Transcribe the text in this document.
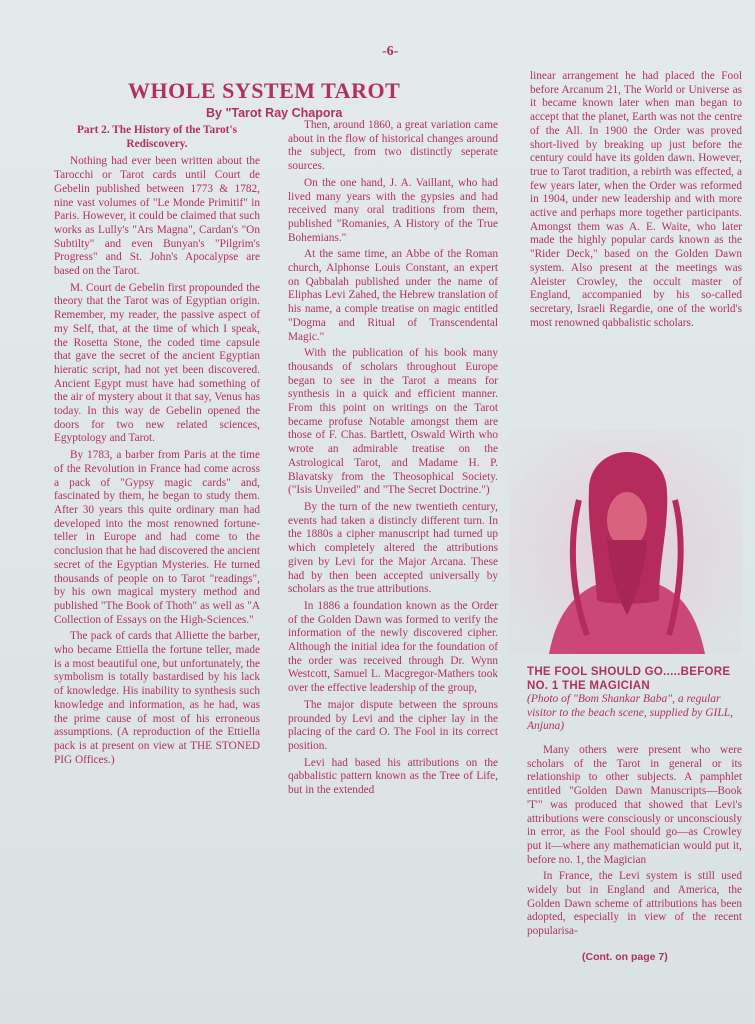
-6-
WHOLE SYSTEM TAROT
By "Tarot Ray Chapora

Part 2. The History of the Tarot's Rediscovery.

Nothing had ever been written about the Tarocchi or Tarot cards until Court de Gebelin published between 1773 & 1782, nine vast volumes of "Le Monde Primitif" in Paris. However, it could be claimed that such works as Lully's "Ars Magna", Cardan's "On Subtilty" and even Bunyan's "Pilgrim's Progress" and St. John's Apocalypse are based on the Tarot.

M. Court de Gebelin first propounded the theory that the Tarot was of Egyptian origin. Remember, my reader, the passive aspect of my Self, that, at the time of which I speak, the Rosetta Stone, the coded time capsule that gave the secret of the ancient Egyptian hieratic script, had not yet been discovered. Ancient Egypt must have had something of the air of mystery about it that say, Venus has today. In this way de Gebelin opened the doors for two new related sciences, Egyptology and Tarot.

By 1783, a barber from Paris at the time of the Revolution in France had come across a pack of "Gypsy magic cards" and, fascinated by them, he began to study them. After 30 years this quite ordinary man had developed into the most renowned fortune-teller in Europe and had come to the conclusion that he had discovered the ancient secret of the Egyptian Mysteries. He turned thousands of people on to Tarot "readings", by his own magical mystery method and published "The Book of Thoth" as well as "A Collection of Essays on the High-Sciences."

The pack of cards that Alliette the barber, who became Ettiella the fortune teller, made is a most beautiful one, but unfortunately, the symbolism is totally bastardised by his lack of knowledge. His inability to synthesis such knowledge and information, as he had, was the prime cause of most of his erroneous assumptions. (A reproduction of the Ettiella pack is at present on view at THE STONED PIG Offices.)

Then, around 1860, a great variation came about in the flow of historical changes around the subject, from two distinctly seperate sources.

On the one hand, J. A. Vaillant, who had lived many years with the gypsies and had received many oral traditions from them, published "Romanies, A History of the True Bohemians."

At the same time, an Abbe of the Roman church, Alphonse Louis Constant, an expert on Qabbalah published under the name of Eliphas Levi Zahed, the Hebrew translation of his name, a comple treatise on magic entitled "Dogma and Ritual of Transcendental Magic."

With the publication of his book many thousands of scholars throughout Europe began to see in the Tarot a means for synthesis in a quick and efficient manner. From this point on writings on the Tarot became profuse Notable amongst them are those of F. Chas. Bartlett, Oswald Wirth who wrote an admirable treatise on the Astrological Tarot, and Madame H. P. Blavatsky from the Theosophical Society. ("Isis Unveiled" and "The Secret Doctrine.")

By the turn of the new twentieth century, events had taken a distincly different turn. In the 1880s a cipher manuscript had turned up which completely altered the attributions given by Levi for the Major Arcana. These had by then been accepted universally by scholars as the true attributions.

In 1886 a foundation known as the Order of the Golden Dawn was formed to verify the information of the newly discovered cipher. Although the initial idea for the foundation of the order was received through Dr. Wynn Westcott, Samuel L. Macgregor-Mathers took over the effective leadership of the group,

The major dispute between the sprouns prounded by Levi and the cipher lay in the placing of the card O. The Fool in its correct position.

Levi had based his attributions on the qabbalistic pattern known as the Tree of Life, but in the extended

linear arrangement he had placed the Fool before Arcanum 21, The World or Universe as it became known later when man began to accept that the planet, Earth was not the centre of the All. In 1900 the Order was proved short-lived by breaking up just before the century could have its golden dawn. However, true to Tarot tradition, a rebirth was effected, a few years later, when the Order was reformed in 1904, under new leadership and with more active and perhaps more together participants. Amongst them was A. E. Waite, who later made the highly popular cards known as the "Rider Deck," based on the Golden Dawn system. Also present at the meetings was Aleister Crowley, the occult master of England, accompanied by his so-called secretary, Israeli Regardie, one of the world's most renowned qabbalistic scholars.

THE FOOL SHOULD GO.....BEFORE NO. 1 THE MAGICIAN
(Photo of "Bom Shankar Baba", a regular visitor to the beach scene, supplied by GILL, Anjuna)

Many others were present who were scholars of the Tarot in general or its relationship to other subjects. A pamphlet entitled "Golden Dawn Manuscripts—Book 'T'" was produced that showed that Levi's attributions were consciously or unconsciously in error, as the Fool should go—as Crowley put it—where any mathematician would put it, before no. 1, the Magician

In France, the Levi system is still used widely but in England and America, the Golden Dawn scheme of attributions has been adopted, especially in view of the recent popularisa-

(Cont. on page 7)
